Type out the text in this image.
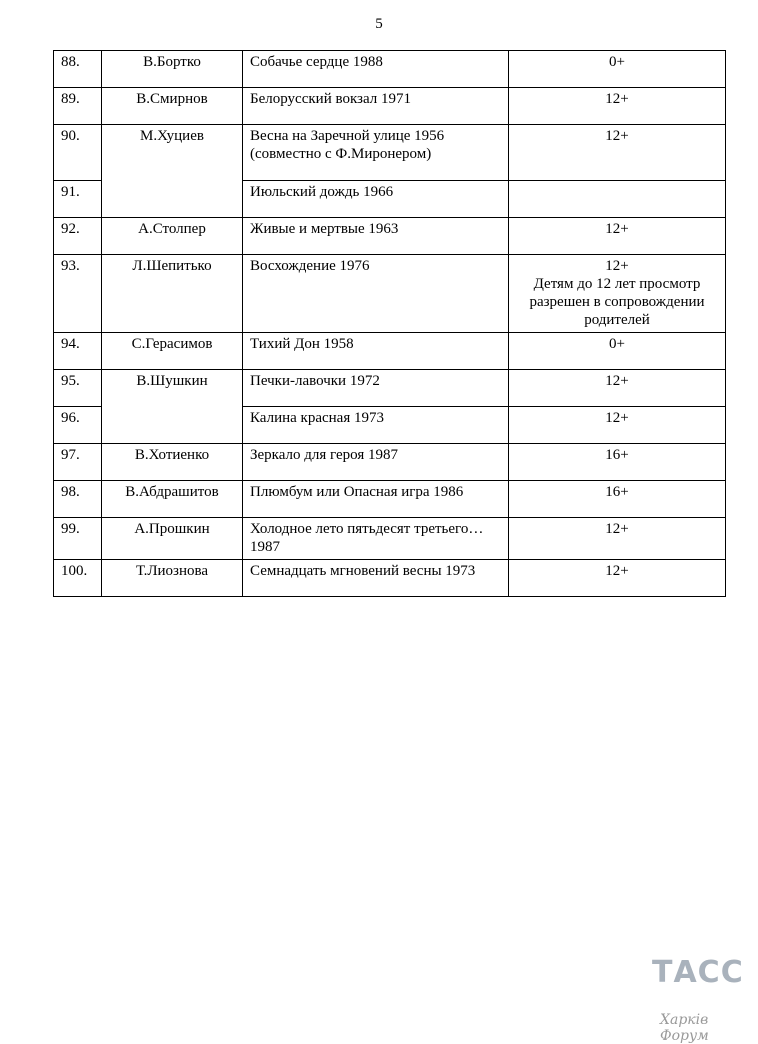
5
88.	В.Бортко	Собачье сердце 1988	0+
89.	В.Смирнов	Белорусский вокзал 1971	12+
90.	М.Хуциев	Весна на Заречной улице 1956 (совместно с Ф.Миронером)	12+
91.		Июльский дождь 1966	
92.	А.Столпер	Живые и мертвые 1963	12+
93.	Л.Шепитько	Восхождение 1976	12+
Детям до 12 лет просмотр разрешен в сопровождении родителей

94.	С.Герасимов	Тихий Дон 1958	0+
95.	В.Шушкин	Печки-лавочки 1972	12+
96.		Калина красная 1973	12+
97.	В.Хотиенко	Зеркало для героя 1987	16+
98.	В.Абдрашитов	Плюмбум или Опасная игра 1986	16+
99.	А.Прошкин	Холодное лето пятьдесят третьего…1987	12+
100.	Т.Лиознова	Семнадцать мгновений весны 1973	12+
ТАСС
Харків Форум
